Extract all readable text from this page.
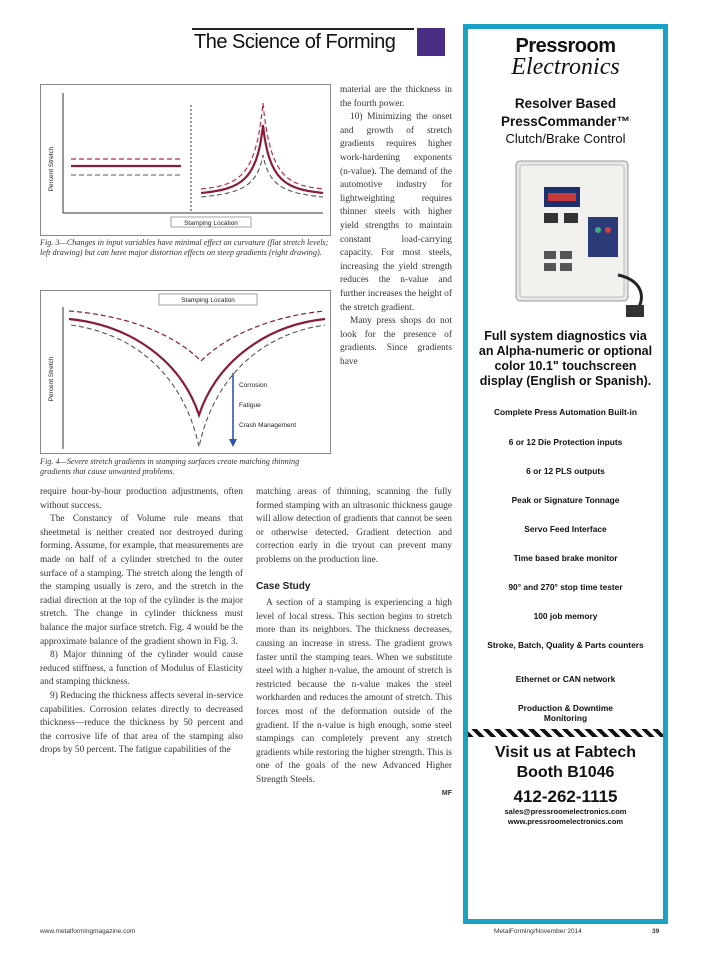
The Science of Forming
Stamping Location
Percent Stretch
Fig. 3—Changes in input variables have minimal effect on curvature (flat stretch levels; left drawing) but can have major distortion effects on steep gradients (right drawing).
Stamping Location
Corrosion
Fatigue
Crash Management
Percent Stretch
Fig. 4—Severe stretch gradients in stamping surfaces create matching thinning gradients that cause unwanted problems.

material are the thickness in the fourth power.

10) Minimizing the onset and growth of stretch gradients requires higher work-hardening exponents (n-value). The demand of the automotive industry for lightweighting requires thinner steels with higher yield strengths to maintain constant load-carrying capacity. For most steels, increasing the yield strength reduces the n-value and further increases the height of the stretch gradient.

Many press shops do not look for the presence of gradients. Since gradients have

require hour-by-hour production adjustments, often without success.

The Constancy of Volume rule means that sheetmetal is neither created nor destroyed during forming. Assume, for example, that measurements are made on half of a cylinder stretched to the outer surface of a stamping. The stretch along the length of the stamping usually is zero, and the stretch in the radial direction at the top of the cylinder is the major stretch. The change in cylinder thickness must balance the major surface stretch. Fig. 4 would be the approximate balance of the gradient shown in Fig. 3.

8) Major thinning of the cylinder would cause reduced stiffness, a function of Modulus of Elasticity and stamping thickness.

9) Reducing the thickness affects several in-service capabilities. Corrosion relates directly to decreased thickness—reduce the thickness by 50 percent and the corrosive life of that area of the stamping also drops by 50 percent. The fatigue capabilities of the

matching areas of thinning, scanning the fully formed stamping with an ultrasonic thickness gauge will allow detection of gradients that cannot be seen or otherwise detected. Gradient detection and correction early in die tryout can prevent many problems on the production line.

Case Study

A section of a stamping is experiencing a high level of local stress. This section begins to stretch more than its neighbors. The thickness decreases, causing an increase in stress. The gradient grows faster until the stamping tears. When we substitute steel with a higher n-value, the amount of stretch is restricted because the n-value makes the steel workharden and reduces the amount of stretch. This forces most of the deformation outside of the gradient. If the n-value is high enough, some steel stampings can completely prevent any stretch gradients while restoring the higher strength. This is one of the goals of the new Advanced Higher Strength Steels.

MF
www.metalformingmagazine.com	MetalForming/November 2014	39
Pressroom
Electronics
Resolver Based
PressCommander™
Clutch/Brake Control
Full system diagnostics via an Alpha-numeric or optional color 10.1" touchscreen display (English or Spanish).
Complete Press Automation Built-in
6 or 12 Die Protection inputs
6 or 12 PLS outputs
Peak or Signature Tonnage
Servo Feed Interface
Time based brake monitor
90° and 270° stop time tester
100 job memory
Stroke, Batch, Quality & Parts counters
Ethernet or CAN network
Production & Downtime Monitoring
Visit us at Fabtech Booth B1046
412-262-1115
sales@pressroomelectronics.com
www.pressroomelectronics.com
